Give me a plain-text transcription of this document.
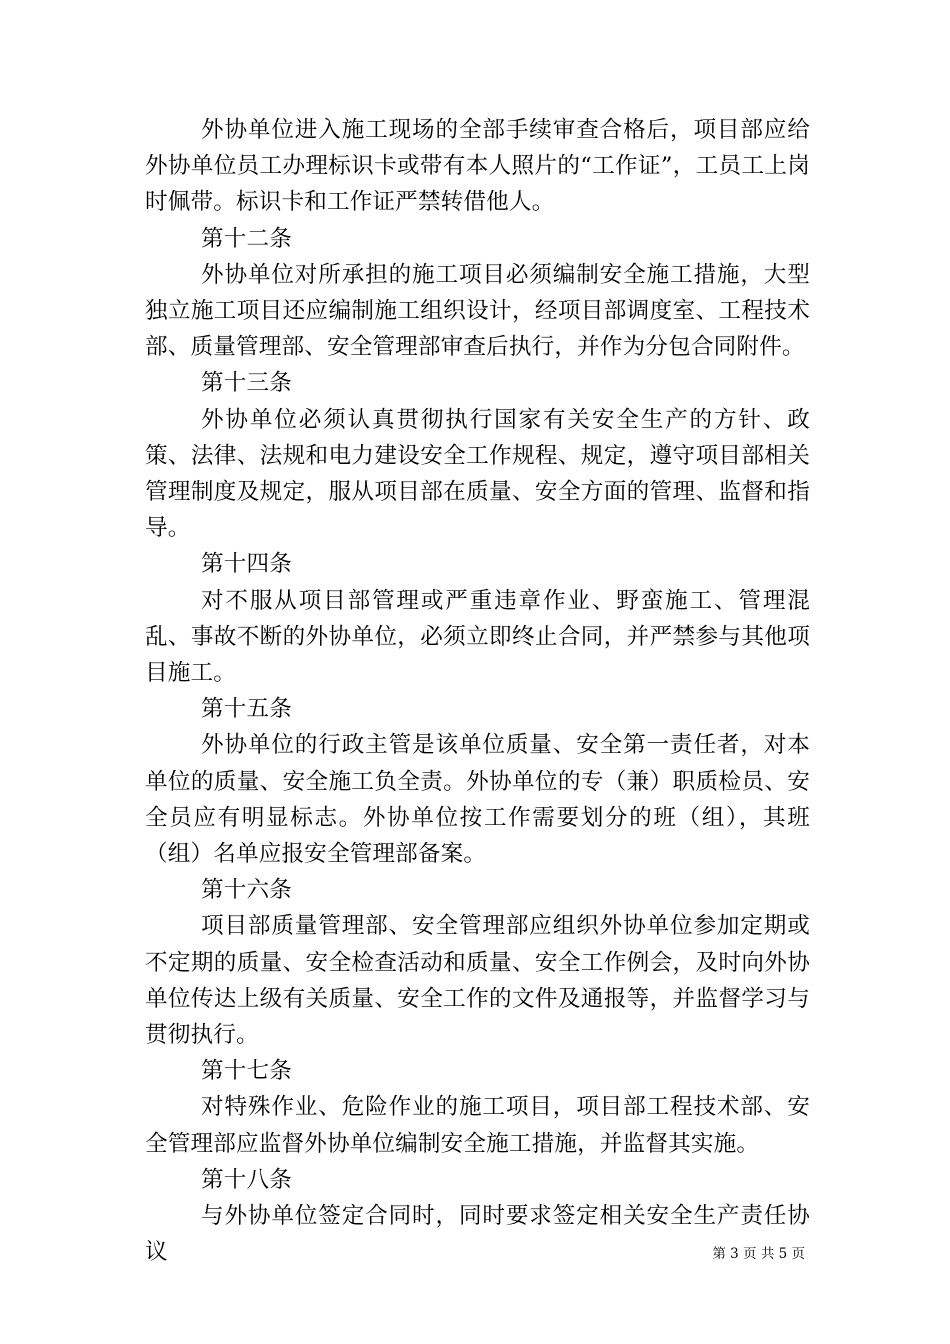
外协单位进入施工现场的全部手续审查合格后，项目部应给外协单位员工办理标识卡或带有本人照片的“工作证”，工员工上岗时佩带。标识卡和工作证严禁转借他人。

第十二条

外协单位对所承担的施工项目必须编制安全施工措施，大型独立施工项目还应编制施工组织设计，经项目部调度室、工程技术部、质量管理部、安全管理部审查后执行，并作为分包合同附件。

第十三条

外协单位必须认真贯彻执行国家有关安全生产的方针、政策、法律、法规和电力建设安全工作规程、规定，遵守项目部相关管理制度及规定，服从项目部在质量、安全方面的管理、监督和指导。

第十四条

对不服从项目部管理或严重违章作业、野蛮施工、管理混乱、事故不断的外协单位，必须立即终止合同，并严禁参与其他项目施工。

第十五条

外协单位的行政主管是该单位质量、安全第一责任者，对本单位的质量、安全施工负全责。外协单位的专（兼）职质检员、安全员应有明显标志。外协单位按工作需要划分的班（组），其班（组）名单应报安全管理部备案。

第十六条

项目部质量管理部、安全管理部应组织外协单位参加定期或不定期的质量、安全检查活动和质量、安全工作例会，及时向外协单位传达上级有关质量、安全工作的文件及通报等，并监督学习与贯彻执行。

第十七条

对特殊作业、危险作业的施工项目，项目部工程技术部、安全管理部应监督外协单位编制安全施工措施，并监督其实施。

第十八条

与外协单位签定合同时，同时要求签定相关安全生产责任协议	第 3 页 共 5 页
